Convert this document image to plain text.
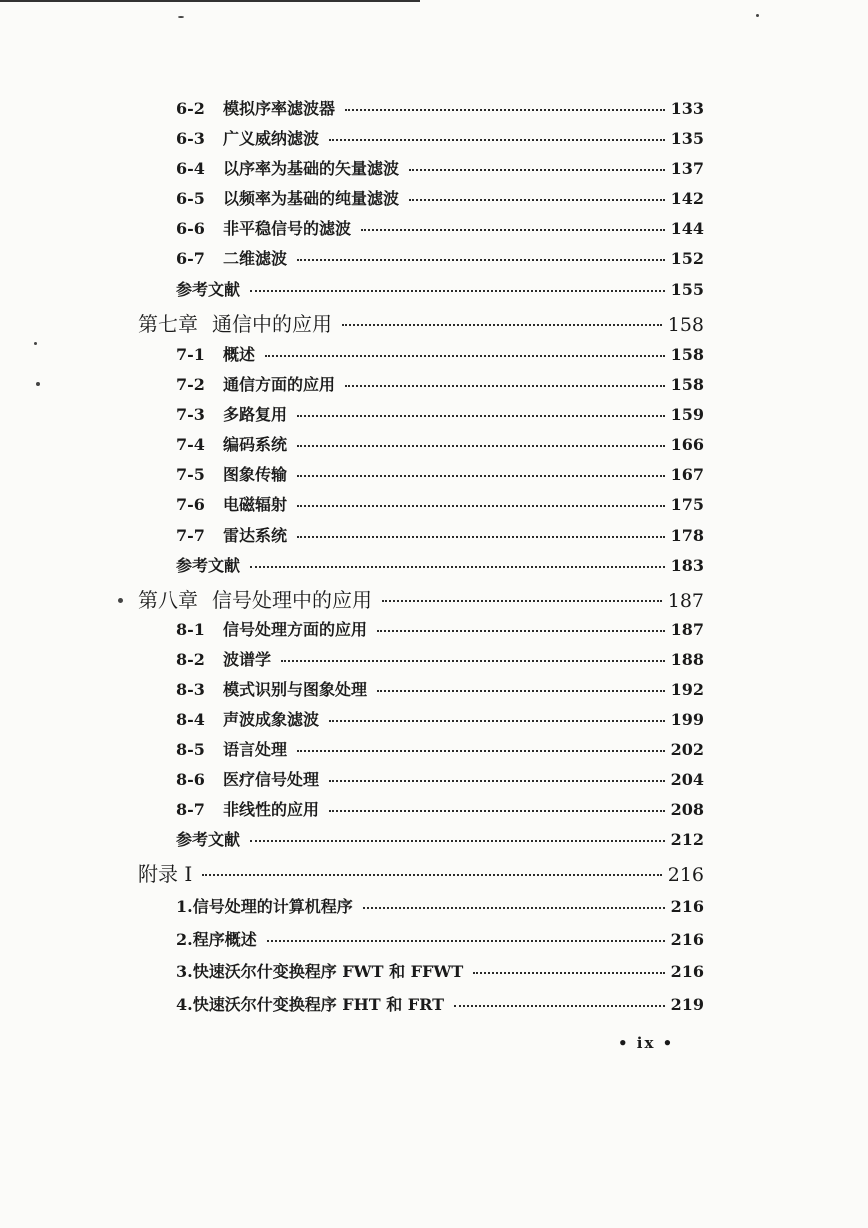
6-2	模拟序率滤波器	133
6-3	广义威纳滤波	135
6-4	以序率为基础的矢量滤波	137
6-5	以频率为基础的纯量滤波	142
6-6	非平稳信号的滤波	144
6-7	二维滤波	152
参考文献	155
第七章 通信中的应用	158
7-1	概述	158
7-2	通信方面的应用	158
7-3	多路复用	159
7-4	编码系统	166
7-5	图象传输	167
7-6	电磁辐射	175
7-7	雷达系统	178
参考文献	183
第八章 信号处理中的应用	187
8-1	信号处理方面的应用	187
8-2	波谱学	188
8-3	模式识别与图象处理	192
8-4	声波成象滤波	199
8-5	语言处理	202
8-6	医疗信号处理	204
8-7	非线性的应用	208
参考文献	212
附录 I	216
1.信号处理的计算机程序	216
2.程序概述	216
3.快速沃尔什变换程序 FWT 和 FFWT	216
4.快速沃尔什变换程序 FHT 和 FRT	219
• ix •
